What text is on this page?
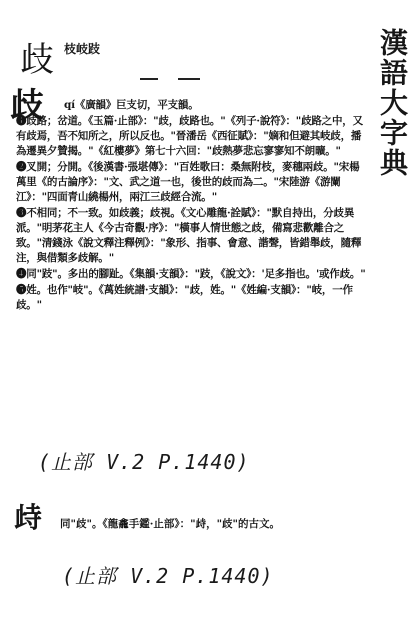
漢語大字典
歧 枝岐跂
歧	qí《廣韻》巨支切，平支韻。

❶歧路；岔道。《玉篇·止部》："歧，歧路也。"《列子·說符》："歧路之中，又有歧焉，吾不知所之，所以反也。"晉潘岳《西征賦》："嫡和但避其岐歧，播為遷異夕贊揭。"《紅樓夢》第七十六回："歧熱夢悲忘寥寥知不朗曠。"

❷叉開；分開。《後漢書·張堪傳》："百姓歌曰：桑無附枝，麥穗兩歧。"宋楊萬里《的古論序》："文、武之道一也，後世的歧而為二。"宋陸游《游闌江》："四面青山繞楊州，兩江三歧經合流。"

❸不相同；不一致。如歧義；歧視。《文心雕龍·詮賦》："默自持出，分歧異派。"明茅花主人《今古奇觀·序》："橫事人情世態之歧，備寫悲歡離合之致。"清錢泳《說文釋注釋例》："象形、指事、會意、諧聲，皆錯舉歧，隨釋注，與借類多歧解。"

❹同"跂"。多出的腳趾。《集韻·支韻》："跂，《說文》：'足多指也。'或作歧。"

❺姓。也作"岐"。《萬姓統譜·支韻》："歧，姓。"《姓編·支韻》："岐，一作歧。"

(止部 V.2 P.1440)
歭 同"歧"。《龍龕手鑑·止部》："歭，"歧"的古文。
(止部 V.2 P.1440)
